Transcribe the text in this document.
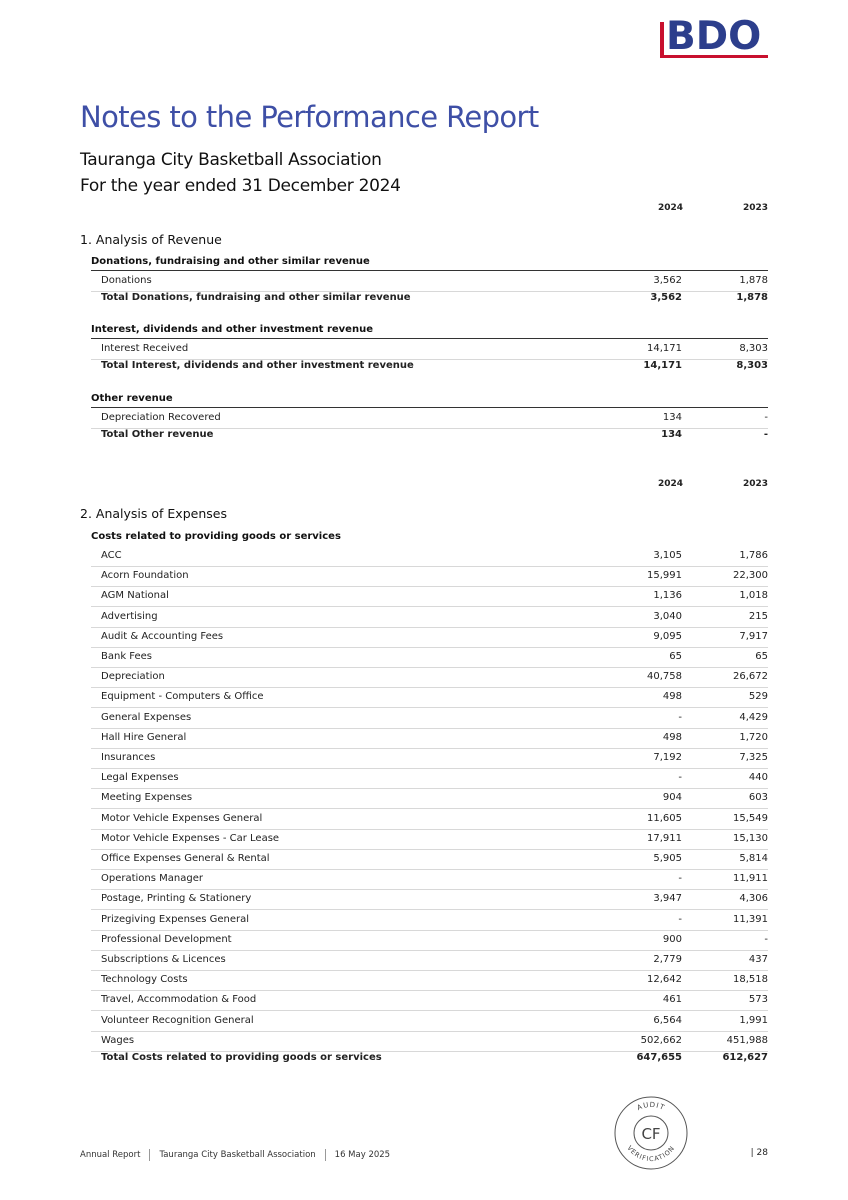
BDO
Notes to the Performance Report
Tauranga City Basketball Association
For the year ended 31 December 2024
2024	2023
1. Analysis of Revenue
Donations, fundraising and other similar revenue
Donations	3,562	1,878
Total Donations, fundraising and other similar revenue	3,562	1,878
Interest, dividends and other investment revenue
Interest Received	14,171	8,303
Total Interest, dividends and other investment revenue	14,171	8,303
Other revenue
Depreciation Recovered	134	-
Total Other revenue	134	-
2024	2023
2. Analysis of Expenses
Costs related to providing goods or services
ACC	3,105	1,786
Acorn Foundation	15,991	22,300
AGM National	1,136	1,018
Advertising	3,040	215
Audit & Accounting Fees	9,095	7,917
Bank Fees	65	65
Depreciation	40,758	26,672
Equipment - Computers & Office	498	529
General Expenses	-	4,429
Hall Hire General	498	1,720
Insurances	7,192	7,325
Legal Expenses	-	440
Meeting Expenses	904	603
Motor Vehicle Expenses General	11,605	15,549
Motor Vehicle Expenses - Car Lease	17,911	15,130
Office Expenses General & Rental	5,905	5,814
Operations Manager	-	11,911
Postage, Printing & Stationery	3,947	4,306
Prizegiving Expenses General	-	11,391
Professional Development	900	-
Subscriptions & Licences	2,779	437
Technology Costs	12,642	18,518
Travel, Accommodation & Food	461	573
Volunteer Recognition General	6,564	1,991
Wages	502,662	451,988
Total Costs related to providing goods or services	647,655	612,627
AUDIT
CF
VERIFICATION
Annual Report Tauranga City Basketball Association 16 May 2025	| 28
